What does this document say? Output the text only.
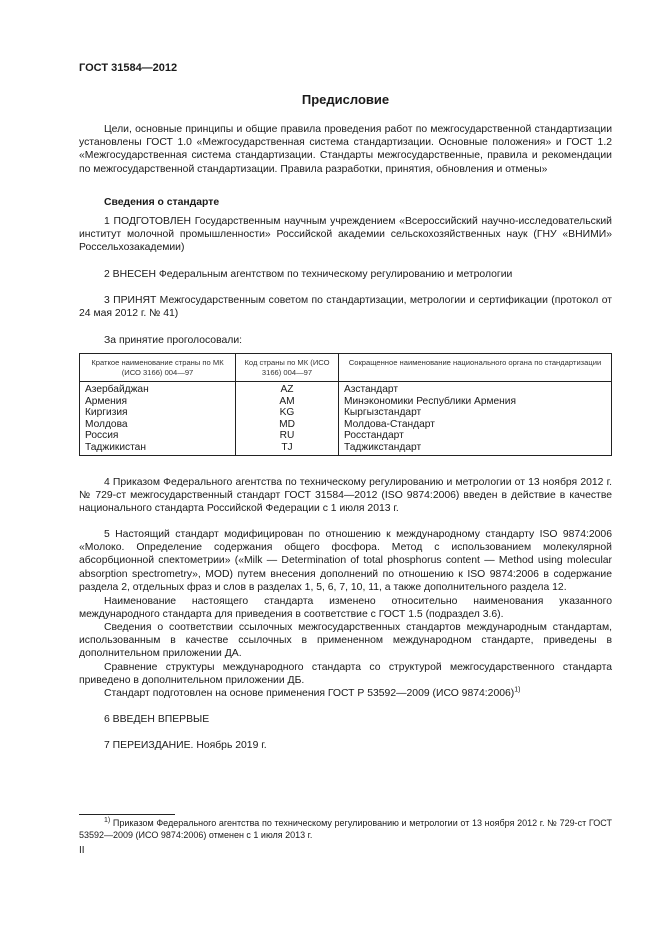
ГОСТ 31584—2012
Предисловие

Цели, основные принципы и общие правила проведения работ по межгосударственной стандартизации установлены ГОСТ 1.0 «Межгосударственная система стандартизации. Основные положения» и ГОСТ 1.2 «Межгосударственная система стандартизации. Стандарты межгосударственные, правила и рекомендации по межгосударственной стандартизации. Правила разработки, принятия, обновления и отмены»

Сведения о стандарте

1 ПОДГОТОВЛЕН Государственным научным учреждением «Всероссийский научно-исследовательский институт молочной промышленности» Российской академии сельскохозяйственных наук (ГНУ «ВНИМИ» Россельхозакадемии)

2 ВНЕСЕН Федеральным агентством по техническому регулированию и метрологии

3 ПРИНЯТ Межгосударственным советом по стандартизации, метрологии и сертификации (протокол от 24 мая 2012 г. № 41)

За принятие проголосовали:

Краткое наименование страны по МК (ИСО 3166) 004—97	Код страны по МК (ИСО 3166) 004—97	Сокращенное наименование национального органа по стандартизации
Азербайджан	AZ	Азстандарт
Армения	AM	Минэкономики Республики Армения
Киргизия	KG	Кыргызстандарт
Молдова	MD	Молдова-Стандарт
Россия	RU	Росстандарт
Таджикистан	TJ	Таджикстандарт

4 Приказом Федерального агентства по техническому регулированию и метрологии от 13 ноября 2012 г. № 729-ст межгосударственный стандарт ГОСТ 31584—2012 (ISO 9874:2006) введен в действие в качестве национального стандарта Российской Федерации с 1 июля 2013 г.

5 Настоящий стандарт модифицирован по отношению к международному стандарту ISO 9874:2006 «Молоко. Определение содержания общего фосфора. Метод с использованием молекулярной абсорбционной спектометрии» («Milk — Determination of total phosphorus content — Method using molecular absorption spectrometry», MOD) путем внесения дополнений по отношению к ISO 9874:2006 в содержание раздела 2, отдельных фраз и слов в разделах 1, 5, 6, 7, 10, 11, а также дополнительного раздела 12.

Наименование настоящего стандарта изменено относительно наименования указанного международного стандарта для приведения в соответствие с ГОСТ 1.5 (подраздел 3.6).

Сведения о соответствии ссылочных межгосударственных стандартов международным стандартам, использованным в качестве ссылочных в примененном международном стандарте, приведены в дополнительном приложении ДА.

Сравнение структуры международного стандарта со структурой межгосударственного стандарта приведено в дополнительном приложении ДБ.

Стандарт подготовлен на основе применения ГОСТ Р 53592—2009 (ИСО 9874:2006)$^{1)}$

6 ВВЕДЕН ВПЕРВЫЕ

7 ПЕРЕИЗДАНИЕ. Ноябрь 2019 г.

$^{1)}$ Приказом Федерального агентства по техническому регулированию и метрологии от 13 ноября 2012 г. № 729-ст ГОСТ 53592—2009 (ИСО 9874:2006) отменен с 1 июля 2013 г.

II
